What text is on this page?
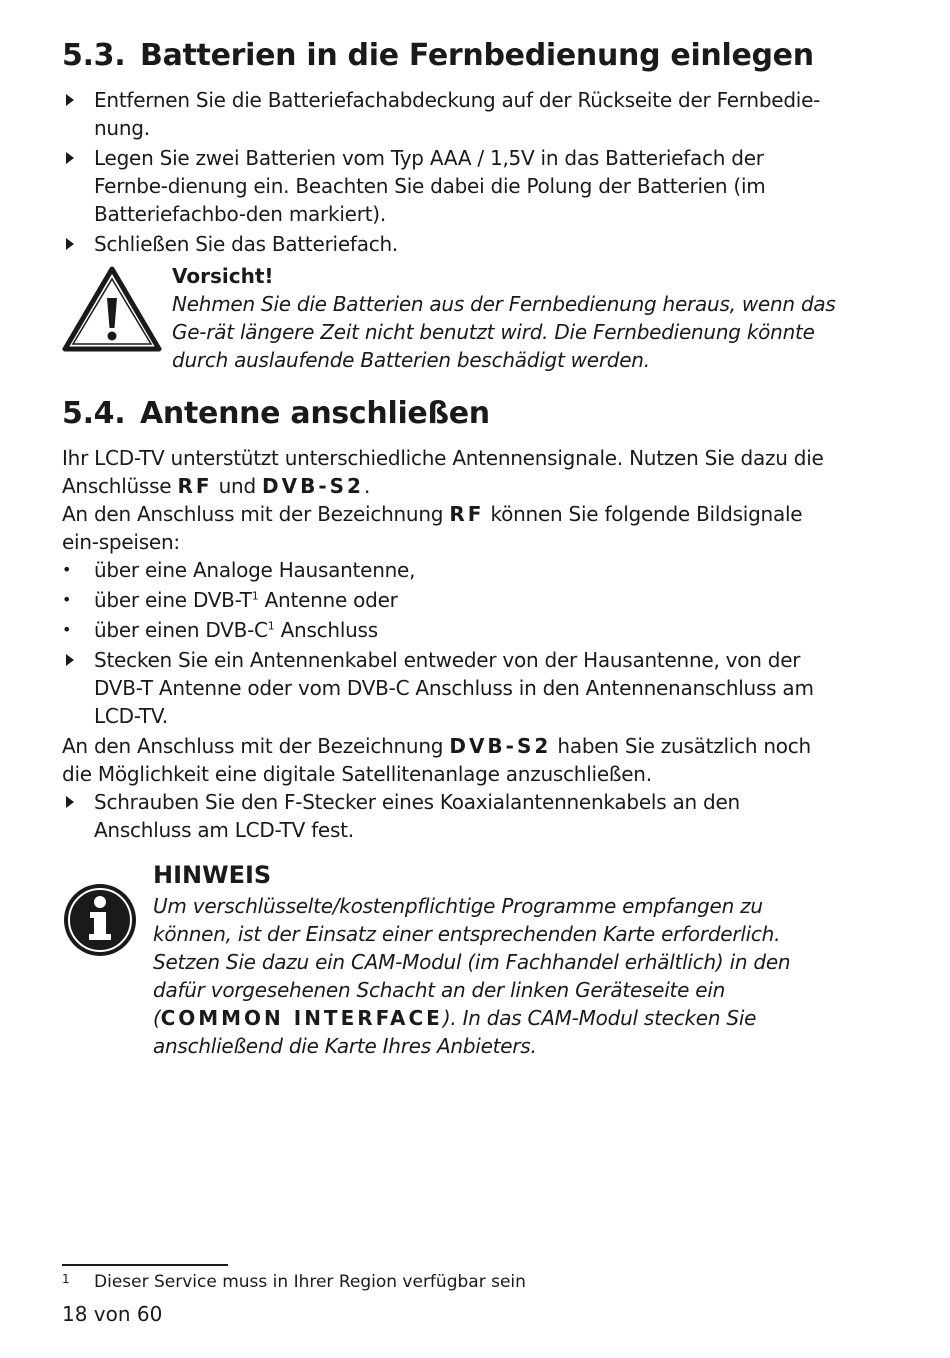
5.3. Batterien in die Fernbedienung einlegen
Entfernen Sie die Batteriefachabdeckung auf der Rückseite der Fernbedie-nung.
Legen Sie zwei Batterien vom Typ AAA / 1,5V in das Batteriefach der Fernbe-dienung ein. Beachten Sie dabei die Polung der Batterien (im Batteriefachbo-den markiert).
Schließen Sie das Batteriefach.
Vorsicht!

Nehmen Sie die Batterien aus der Fernbedienung heraus, wenn das Ge-rät längere Zeit nicht benutzt wird. Die Fernbedienung könnte durch auslaufende Batterien beschädigt werden.

5.4. Antenne anschließen

Ihr LCD-TV unterstützt unterschiedliche Antennensignale. Nutzen Sie dazu die Anschlüsse RF und DVB-S2.

An den Anschluss mit der Bezeichnung RF können Sie folgende Bildsignale ein-speisen:

• über eine Analoge Hausantenne,
• über eine DVB-$T^1$ Antenne oder
• über einen DVB-$C^1$ Anschluss
Stecken Sie ein Antennenkabel entweder von der Hausantenne, von der DVB-T Antenne oder vom DVB-C Anschluss in den Antennenanschluss am LCD-TV.

An den Anschluss mit der Bezeichnung DVB-S2 haben Sie zusätzlich noch die Möglichkeit eine digitale Satellitenanlage anzuschließen.

Schrauben Sie den F-Stecker eines Koaxialantennenkabels an den Anschluss am LCD-TV fest.
HINWEIS

Um verschlüsselte/kostenpflichtige Programme empfangen zu können, ist der Einsatz einer entsprechenden Karte erforderlich. Setzen Sie dazu ein CAM-Modul (im Fachhandel erhältlich) in den dafür vorgesehenen Schacht an der linken Geräteseite ein (COMMON INTERFACE). In das CAM-Modul stecken Sie anschließend die Karte Ihres Anbieters.

1	Dieser Service muss in Ihrer Region verfügbar sein
18 von 60
